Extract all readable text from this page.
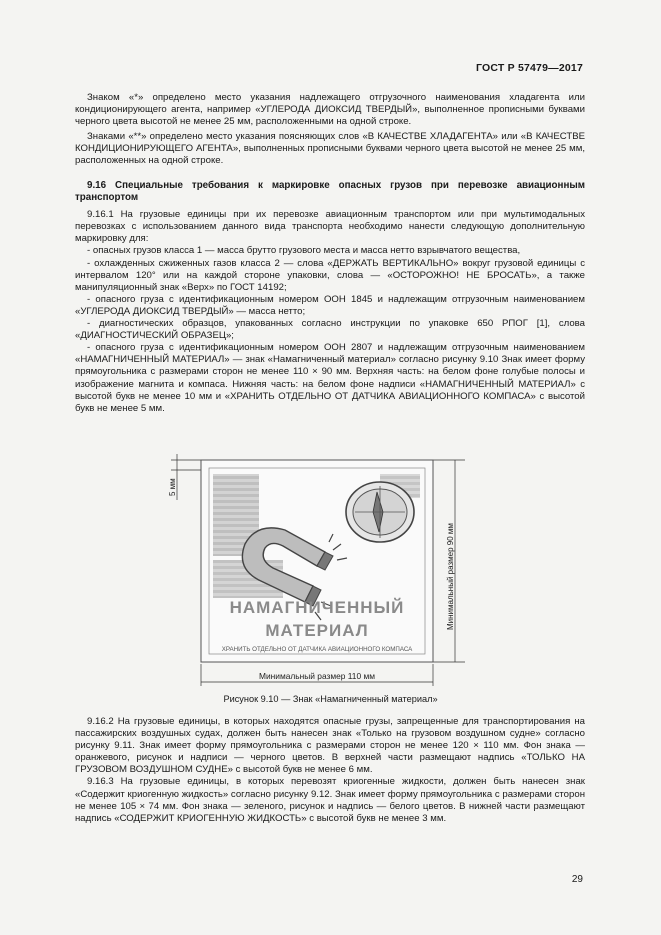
ГОСТ Р 57479—2017

Знаком «*» определено место указания надлежащего отгрузочного наименования хладагента или кондиционирующего агента, например «УГЛЕРОДА ДИОКСИД ТВЕРДЫЙ», выполненное прописными буквами черного цвета высотой не менее 25 мм, расположенными на одной строке.

Знаками «**» определено место указания поясняющих слов «В КАЧЕСТВЕ ХЛАДАГЕНТА» или «В КАЧЕСТВЕ КОНДИЦИОНИРУЮЩЕГО АГЕНТА», выполненных прописными буквами черного цвета высотой не менее 25 мм, расположенных на одной строке.

9.16 Специальные требования к маркировке опасных грузов при перевозке авиационным транспортом

9.16.1 На грузовые единицы при их перевозке авиационным транспортом или при мультимодальных перевозках с использованием данного вида транспорта необходимо нанести следующую дополнительную маркировку для:

- опасных грузов класса 1 — масса брутто грузового места и масса нетто взрывчатого вещества,

- охлажденных сжиженных газов класса 2 — слова «ДЕРЖАТЬ ВЕРТИКАЛЬНО» вокруг грузовой единицы с интервалом 120° или на каждой стороне упаковки, слова — «ОСТОРОЖНО! НЕ БРОСАТЬ», а также манипуляционный знак «Верх» по ГОСТ 14192;

- опасного груза с идентификационным номером ООН 1845 и надлежащим отгрузочным наименованием «УГЛЕРОДА ДИОКСИД ТВЕРДЫЙ» — масса нетто;

- диагностических образцов, упакованных согласно инструкции по упаковке 650 РПОГ [1], слова «ДИАГНОСТИЧЕСКИЙ ОБРАЗЕЦ»;

- опасного груза с идентификационным номером ООН 2807 и надлежащим отгрузочным наименованием «НАМАГНИЧЕННЫЙ МАТЕРИАЛ» — знак «Намагниченный материал» согласно рисунку 9.10 Знак имеет форму прямоугольника с размерами сторон не менее 110 × 90 мм. Верхняя часть: на белом фоне голубые полосы и изображение магнита и компаса. Нижняя часть: на белом фоне надписи «НАМАГНИЧЕННЫЙ МАТЕРИАЛ» с высотой букв не менее 10 мм и «ХРАНИТЬ ОТДЕЛЬНО ОТ ДАТЧИКА АВИАЦИОННОГО КОМПАСА» с высотой букв не менее 5 мм.

5 мм
Минимальный размер 90 мм
Минимальный размер 110 мм
НАМАГНИЧЕННЫЙ
МАТЕРИАЛ
ХРАНИТЬ ОТДЕЛЬНО ОТ ДАТЧИКА АВИАЦИОННОГО КОМПАСА
Рисунок 9.10 — Знак «Намагниченный материал»

9.16.2 На грузовые единицы, в которых находятся опасные грузы, запрещенные для транспортирования на пассажирских воздушных судах, должен быть нанесен знак «Только на грузовом воздушном судне» согласно рисунку 9.11. Знак имеет форму прямоугольника с размерами сторон не менее 120 × 110 мм. Фон знака — оранжевого, рисунок и надписи — черного цветов. В верхней части размещают надпись «ТОЛЬКО НА ГРУЗОВОМ ВОЗДУШНОМ СУДНЕ» с высотой букв не менее 6 мм.

9.16.3 На грузовые единицы, в которых перевозят криогенные жидкости, должен быть нанесен знак «Содержит криогенную жидкость» согласно рисунку 9.12. Знак имеет форму прямоугольника с размерами сторон не менее 105 × 74 мм. Фон знака — зеленого, рисунок и надпись — белого цветов. В нижней части размещают надпись «СОДЕРЖИТ КРИОГЕННУЮ ЖИДКОСТЬ» с высотой букв не менее 3 мм.

29
